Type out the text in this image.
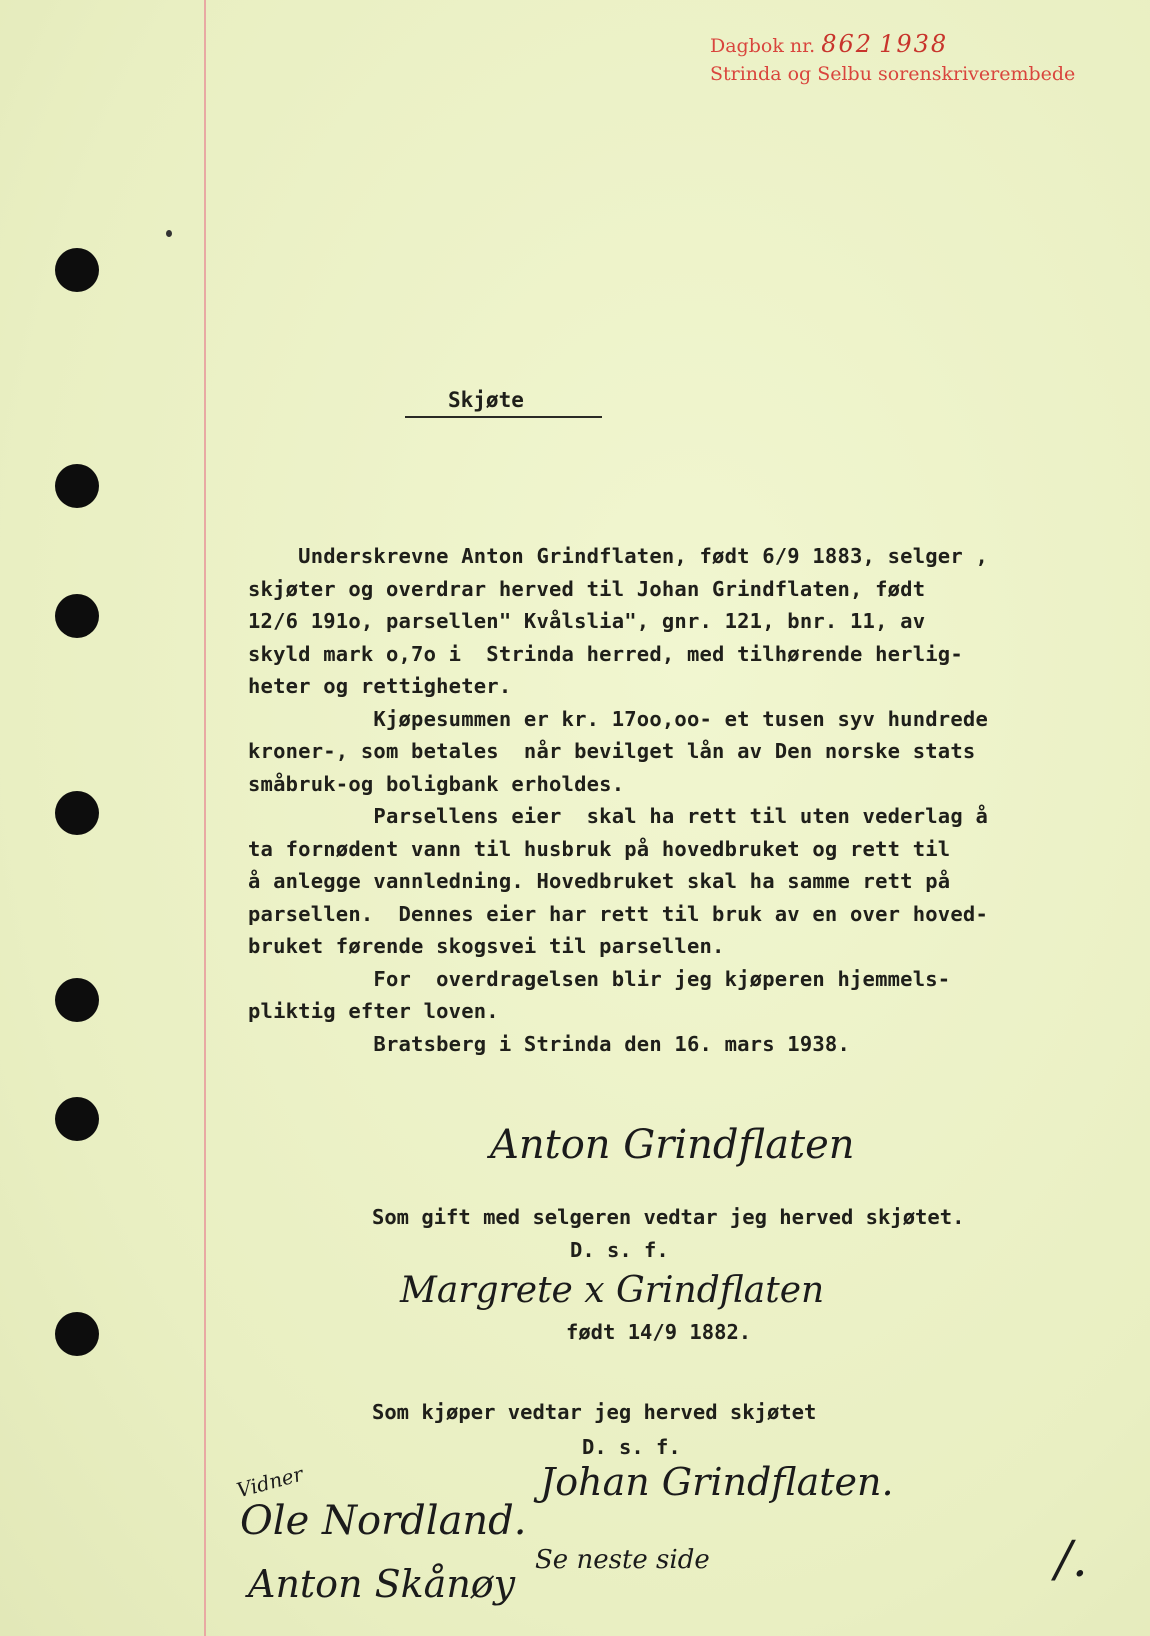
Dagbok nr. 862 1938
Strinda og Selbu sorenskriverembede
Skjøte
Underskrevne Anton Grindflaten, født 6/9 1883, selger ,
skjøter og overdrar herved til Johan Grindflaten, født
12/6 191o, parsellen" Kvålslia", gnr. 121, bnr. 11, av
skyld mark o,7o i  Strinda herred, med tilhørende herlig-
heter og rettigheter.
Kjøpesummen er kr. 17oo,oo- et tusen syv hundrede
kroner-, som betales  når bevilget lån av Den norske stats
småbruk-og boligbank erholdes.
Parsellens eier  skal ha rett til uten vederlag å
ta fornødent vann til husbruk på hovedbruket og rett til
å anlegge vannledning. Hovedbruket skal ha samme rett på
parsellen.  Dennes eier har rett til bruk av en over hoved-
bruket førende skogsvei til parsellen.
For  overdragelsen blir jeg kjøperen hjemmels-
pliktig efter loven.
Bratsberg i Strinda den 16. mars 1938.
Anton Grindflaten
Som gift med selgeren vedtar jeg herved skjøtet.
D. s. f.
Margrete x Grindflaten
født 14/9 1882.
Som kjøper vedtar jeg herved skjøtet
D. s. f.
Johan Grindflaten.
Vidner
Ole Nordland.
Anton Skånøy
Se neste side	/.
